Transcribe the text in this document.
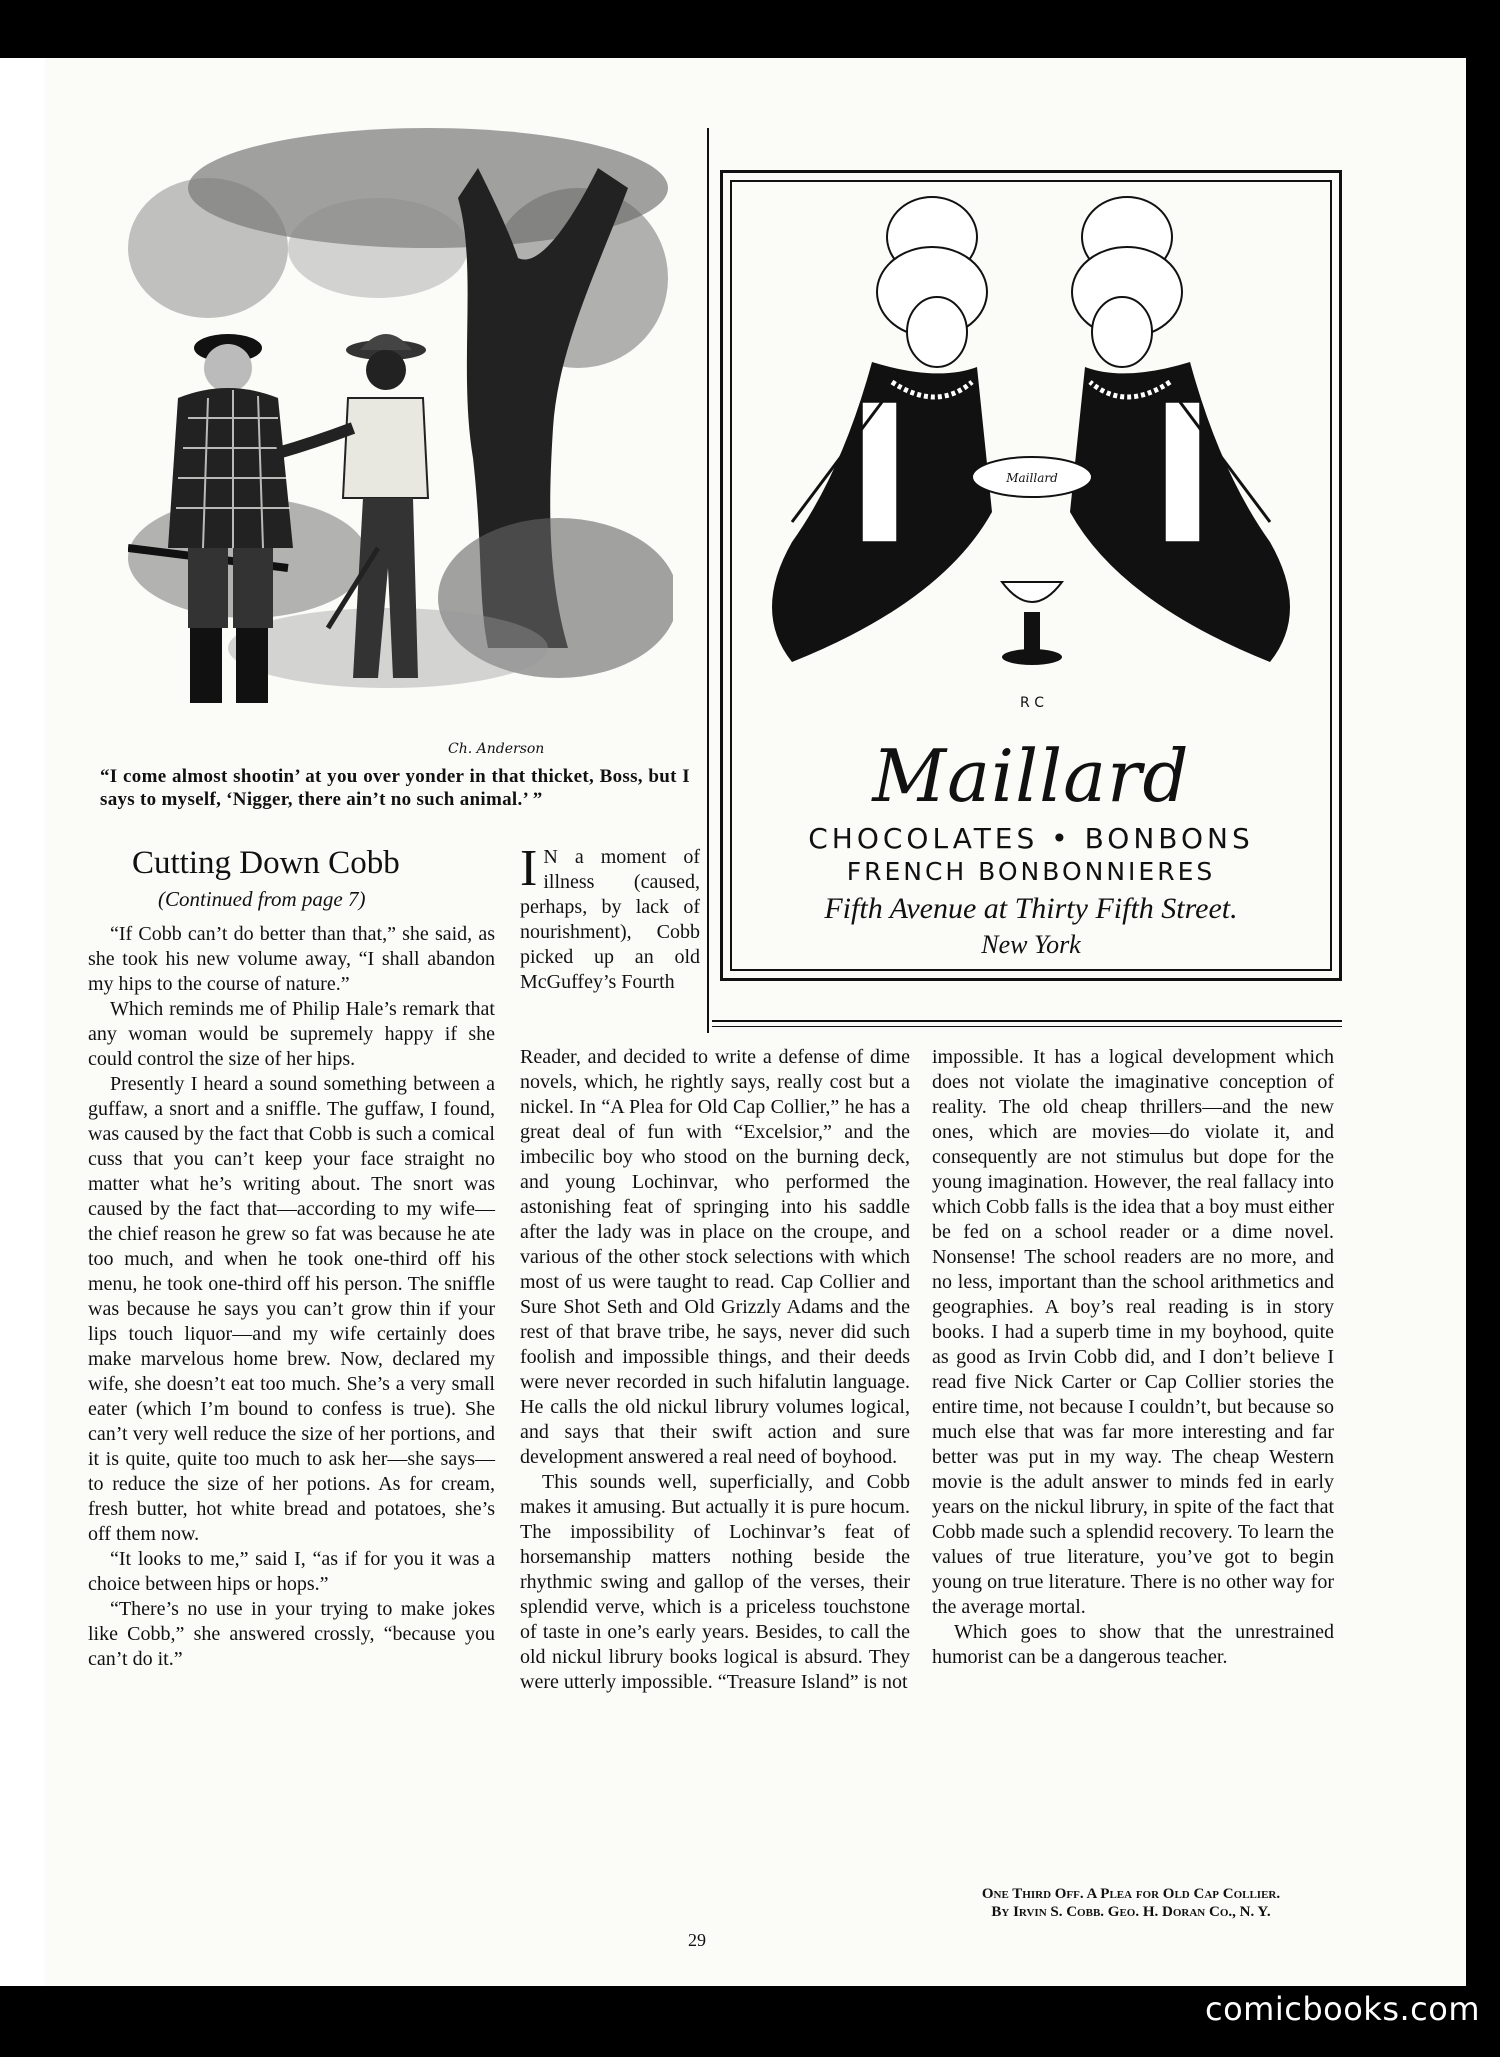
Ch. Anderson
“I come almost shootin’ at you over yonder in that thicket, Boss, but I says to myself, ‘Nigger, there ain’t no such animal.’ ”
Cutting Down Cobb
(Continued from page 7)

“If Cobb can’t do better than that,” she said, as she took his new volume away, “I shall abandon my hips to the course of nature.”

Which reminds me of Philip Hale’s remark that any woman would be supremely happy if she could control the size of her hips.

Presently I heard a sound something between a guffaw, a snort and a sniffle. The guffaw, I found, was caused by the fact that Cobb is such a comical cuss that you can’t keep your face straight no matter what he’s writing about. The snort was caused by the fact that—according to my wife—the chief reason he grew so fat was because he ate too much, and when he took one-third off his menu, he took one-third off his person. The sniffle was because he says you can’t grow thin if your lips touch liquor—and my wife certainly does make marvelous home brew. Now, declared my wife, she doesn’t eat too much. She’s a very small eater (which I’m bound to confess is true). She can’t very well reduce the size of her portions, and it is quite, quite too much to ask her—she says—to reduce the size of her potions. As for cream, fresh butter, hot white bread and potatoes, she’s off them now.

“It looks to me,” said I, “as if for you it was a choice between hips or hops.”

“There’s no use in your trying to make jokes like Cobb,” she answered crossly, “because you can’t do it.”

I N a moment of illness (caused, perhaps, by lack of nourishment), Cobb picked up an old McGuffey’s Fourth

Reader, and decided to write a defense of dime novels, which, he rightly says, really cost but a nickel. In “A Plea for Old Cap Collier,” he has a great deal of fun with “Excelsior,” and the imbecilic boy who stood on the burning deck, and young Lochinvar, who performed the astonishing feat of springing into his saddle after the lady was in place on the croupe, and various of the other stock selections with which most of us were taught to read. Cap Collier and Sure Shot Seth and Old Grizzly Adams and the rest of that brave tribe, he says, never did such foolish and impossible things, and their deeds were never recorded in such hifalutin language. He calls the old nickul librury volumes logical, and says that their swift action and sure development answered a real need of boyhood.

This sounds well, superficially, and Cobb makes it amusing. But actually it is pure hocum. The impossibility of Lochinvar’s feat of horsemanship matters nothing beside the rhythmic swing and gallop of the verses, their splendid verve, which is a priceless touchstone of taste in one’s early years. Besides, to call the old nickul librury books logical is absurd. They were utterly impossible. “Treasure Island” is not

impossible. It has a logical development which does not violate the imaginative conception of reality. The old cheap thrillers—and the new ones, which are movies—do violate it, and consequently are not stimulus but dope for the young imagination. However, the real fallacy into which Cobb falls is the idea that a boy must either be fed on a school reader or a dime novel. Nonsense! The school readers are no more, and no less, important than the school arithmetics and geographies. A boy’s real reading is in story books. I had a superb time in my boyhood, quite as good as Irvin Cobb did, and I don’t believe I read five Nick Carter or Cap Collier stories the entire time, not because I couldn’t, but because so much else that was far more interesting and far better was put in my way. The cheap Western movie is the adult answer to minds fed in early years on the nickul librury, in spite of the fact that Cobb made such a splendid recovery. To learn the values of true literature, you’ve got to begin young on true literature. There is no other way for the average mortal.

Which goes to show that the unrestrained humorist can be a dangerous teacher.

One Third Off. A Plea for Old Cap Collier.
By Irvin S. Cobb. Geo. H. Doran Co., N. Y.
Maillard
R C
Maillard
CHOCOLATES • BONBONS
FRENCH BONBONNIERES
Fifth Avenue at Thirty Fifth Street.
New York
29
comicbooks.com
